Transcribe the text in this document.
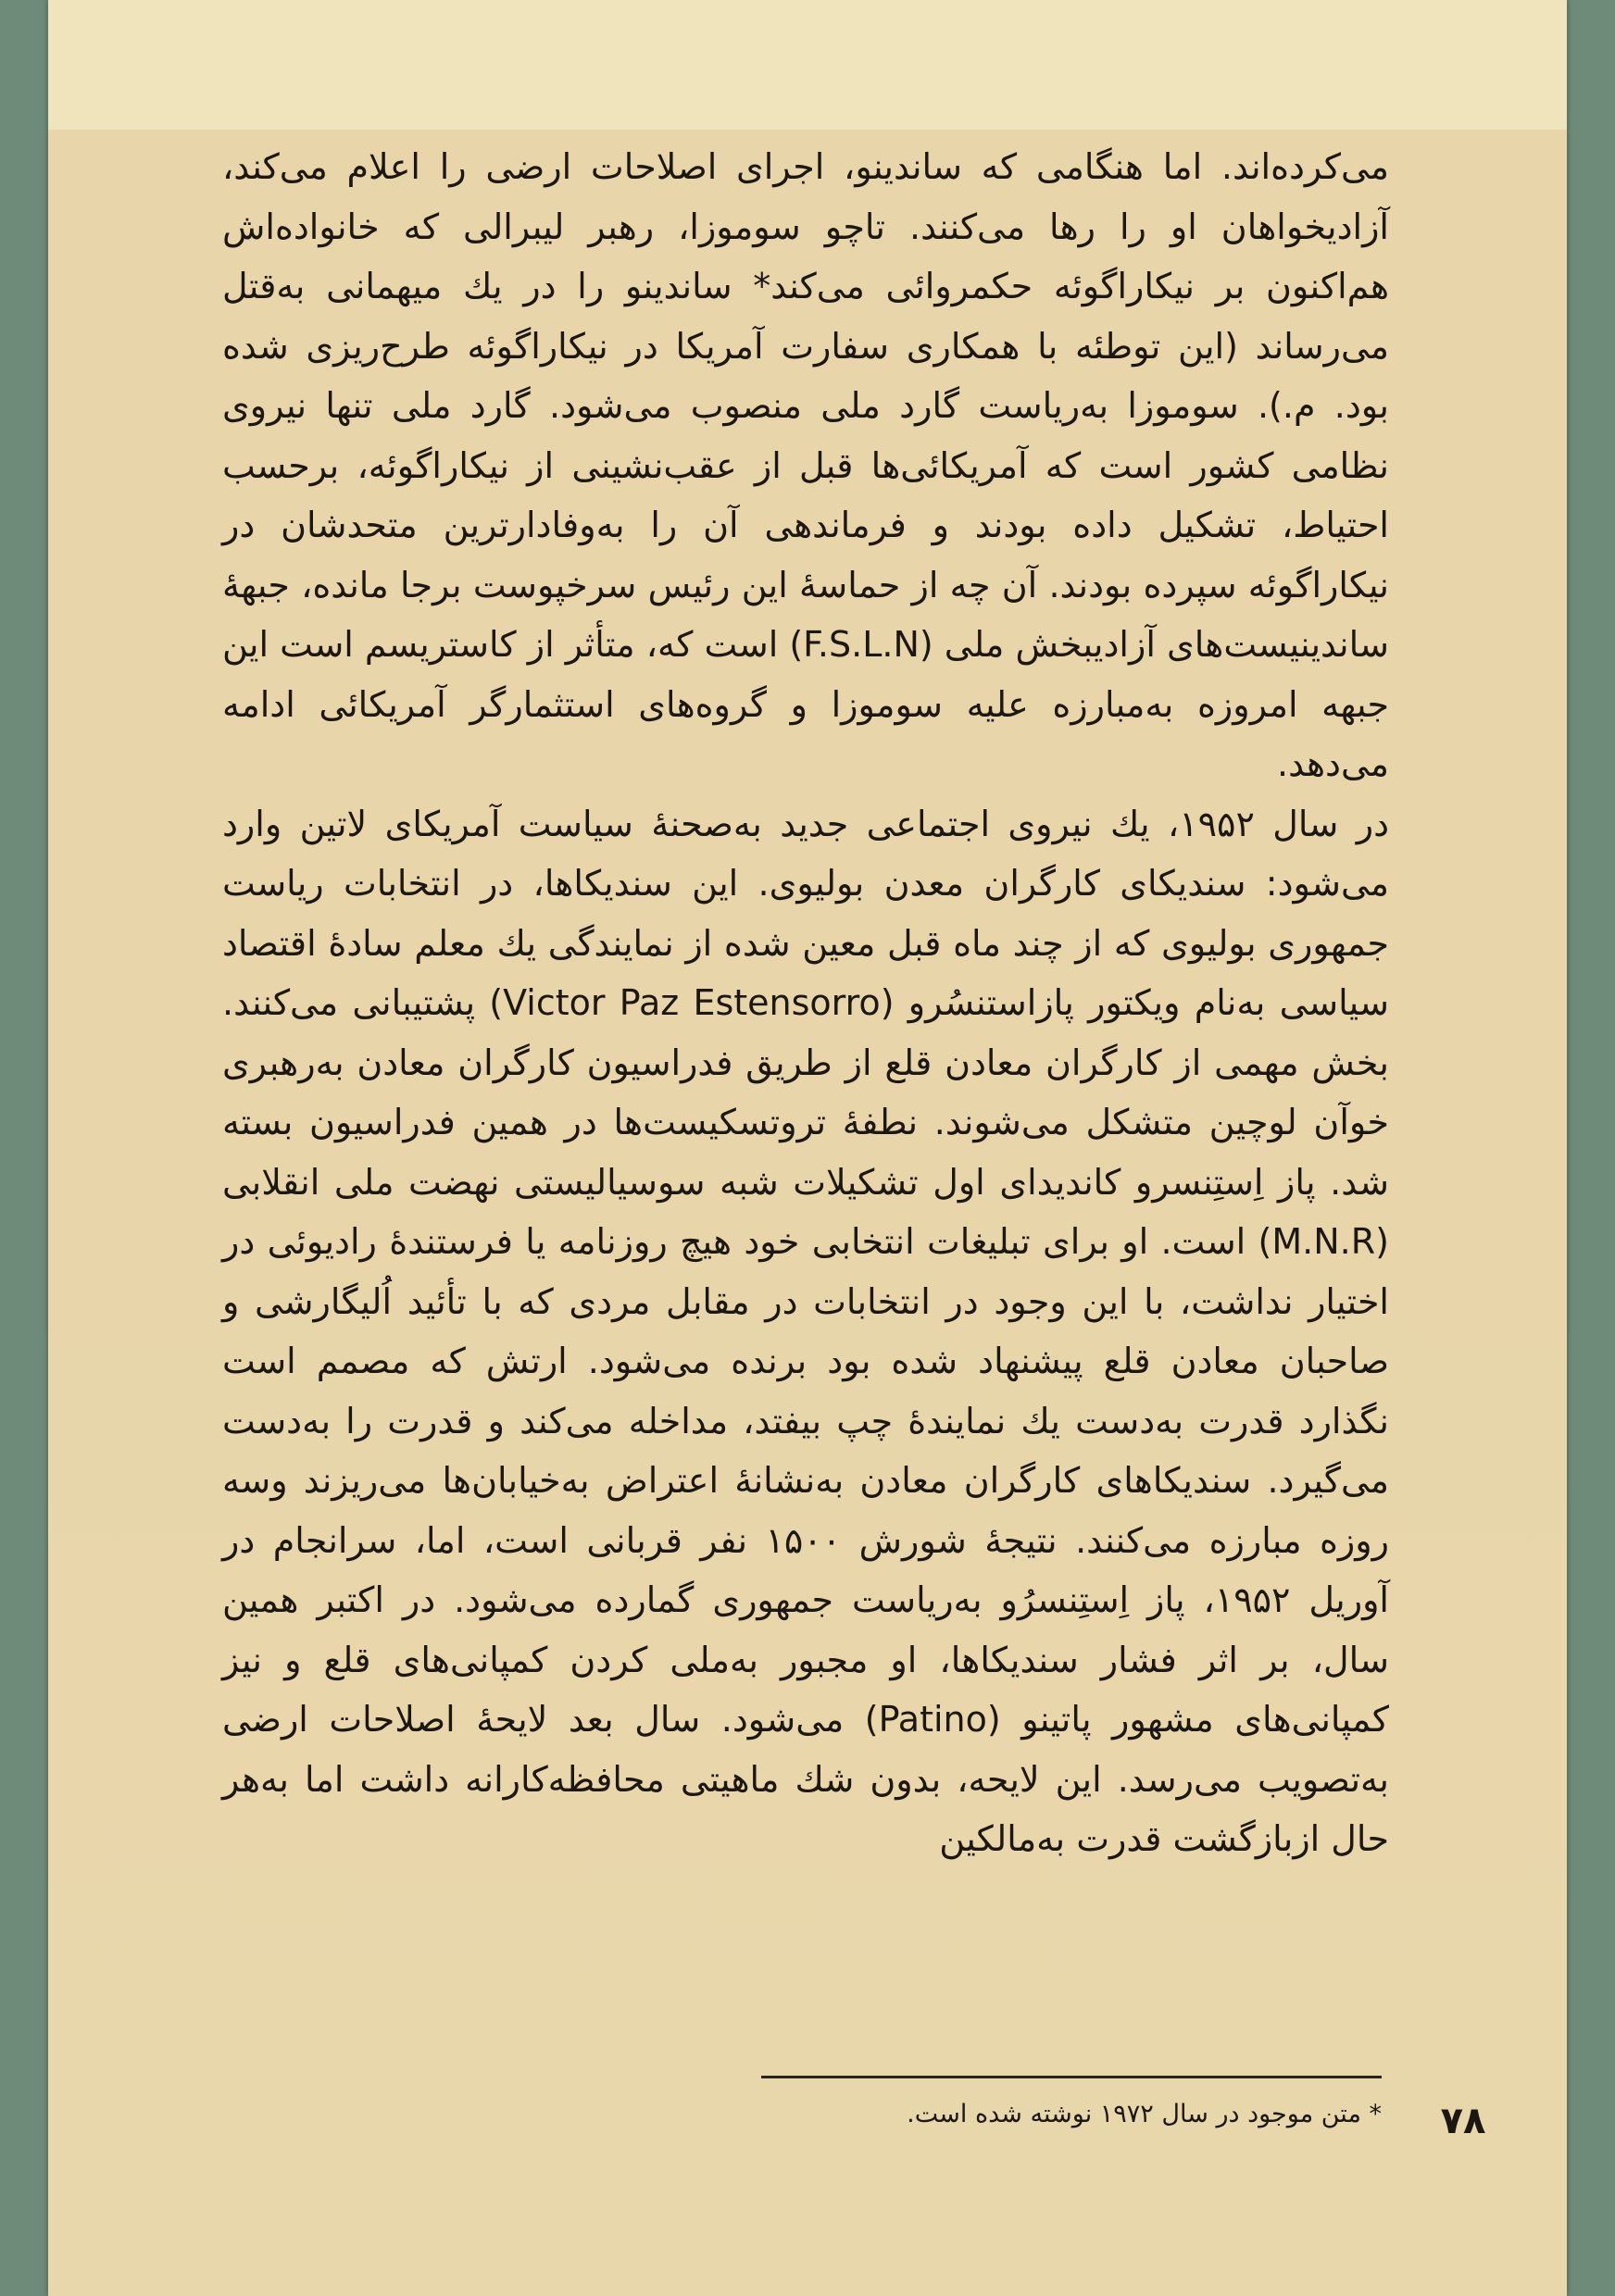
می‌کرده‌اند. اما هنگامی که ساندینو، اجرای اصلاحات ارضی را اعلام می‌کند، آزادیخواهان او را رها می‌کنند. تاچو سوموزا، رهبر لیبرالی که خانواده‌اش هم‌اکنون بر نیکاراگوئه حکمروائی می‌کند* ساندینو را در یك میهمانی به‌قتل می‌رساند (این توطئه با همکاری سفارت آمریکا در نیکاراگوئه طرح‌ریزی شده بود. م.). سوموزا به‌ریاست گارد ملی منصوب می‌شود. گارد ملی تنها نیروی نظامی کشور است که آمریکائی‌ها قبل از عقب‌نشینی از نیکاراگوئه، برحسب احتیاط، تشکیل داده بودند و فرماندهی آن را به‌وفادارترین متحدشان در نیکاراگوئه سپرده بودند. آن چه از حماسهٔ این رئیس سرخپوست برجا مانده، جبههٔ ساندینیست‌های آزادیبخش ملی (F.S.L.N) است که، متأثر از کاستریسم است این جبهه امروزه به‌مبارزه علیه سوموزا و گروه‌های استثمارگر آمریکائی ادامه می‌دهد.

در سال ۱۹۵۲، یك نیروی اجتماعی جدید به‌صحنهٔ سیاست آمریکای لاتین وارد می‌شود: سندیکای کارگران معدن بولیوی. این سندیکاها، در انتخابات ریاست جمهوری بولیوی که از چند ماه قبل معین شده از نمایندگی یك معلم سادهٔ اقتصاد سیاسی به‌نام ویکتور پازاستنسُرو (Victor Paz Estensorro) پشتیبانی می‌کنند. بخش مهمی از کارگران معادن قلع از طریق فدراسیون کارگران معادن به‌رهبری خوآن لوچین متشکل می‌شوند. نطفهٔ تروتسکیست‌ها در همین فدراسیون بسته شد. پاز اِستِنسرو کاندیدای اول تشکیلات شبه سوسیالیستی نهضت ملی انقلابی (M.N.R) است. او برای تبلیغات انتخابی خود هیچ روزنامه یا فرستندهٔ رادیوئی در اختیار نداشت، با این وجود در انتخابات در مقابل مردی که با تأئید اُلیگارشی و صاحبان معادن قلع پیشنهاد شده بود برنده می‌شود. ارتش که مصمم است نگذارد قدرت به‌دست یك نمایندهٔ چپ بیفتد، مداخله می‌کند و قدرت را به‌دست می‌گیرد. سندیکاهای کارگران معادن به‌نشانهٔ اعتراض به‌خیابان‌ها می‌ریزند وسه روزه مبارزه می‌کنند. نتیجهٔ شورش ۱۵۰۰ نفر قربانی است، اما، سرانجام در آوریل ۱۹۵۲، پاز اِستِنسرُو به‌ریاست جمهوری گمارده می‌شود. در اکتبر همین سال، بر اثر فشار سندیکاها، او مجبور به‌ملی کردن کمپانی‌های قلع و نیز کمپانی‌های مشهور پاتینو (Patino) می‌شود. سال بعد لایحهٔ اصلاحات ارضی به‌تصویب می‌رسد. این لایحه، بدون شك ماهیتی محافظه‌کارانه داشت اما به‌هر حال ازبازگشت قدرت به‌مالکین

* متن موجود در سال ۱۹۷۲ نوشته شده است.	۷۸
